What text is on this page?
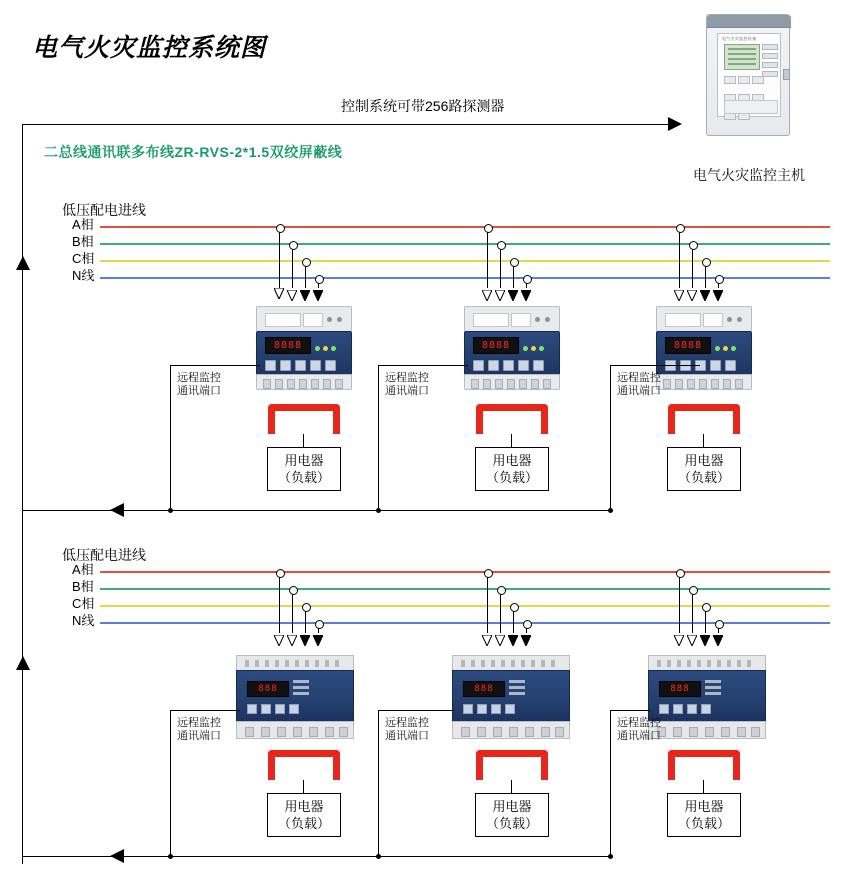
电气火灾监控系统图	电气火灾监控设备
电气火灾监控主机
控制系统可带256路探测器
二总线通讯联多布线ZR-RVS-2*1.5双绞屏蔽线
低压配电进线
A相
B相
C相
N线
8888
远程监控
通讯端口
用电器
（负载）
8888
远程监控
通讯端口
用电器
（负载）
8888
远程监控
通讯端口
用电器
（负载）
低压配电进线
A相
B相
C相
N线
888
远程监控
通讯端口
用电器
（负载）
888
远程监控
通讯端口
用电器
（负载）
888
远程监控
通讯端口
用电器
（负载）
